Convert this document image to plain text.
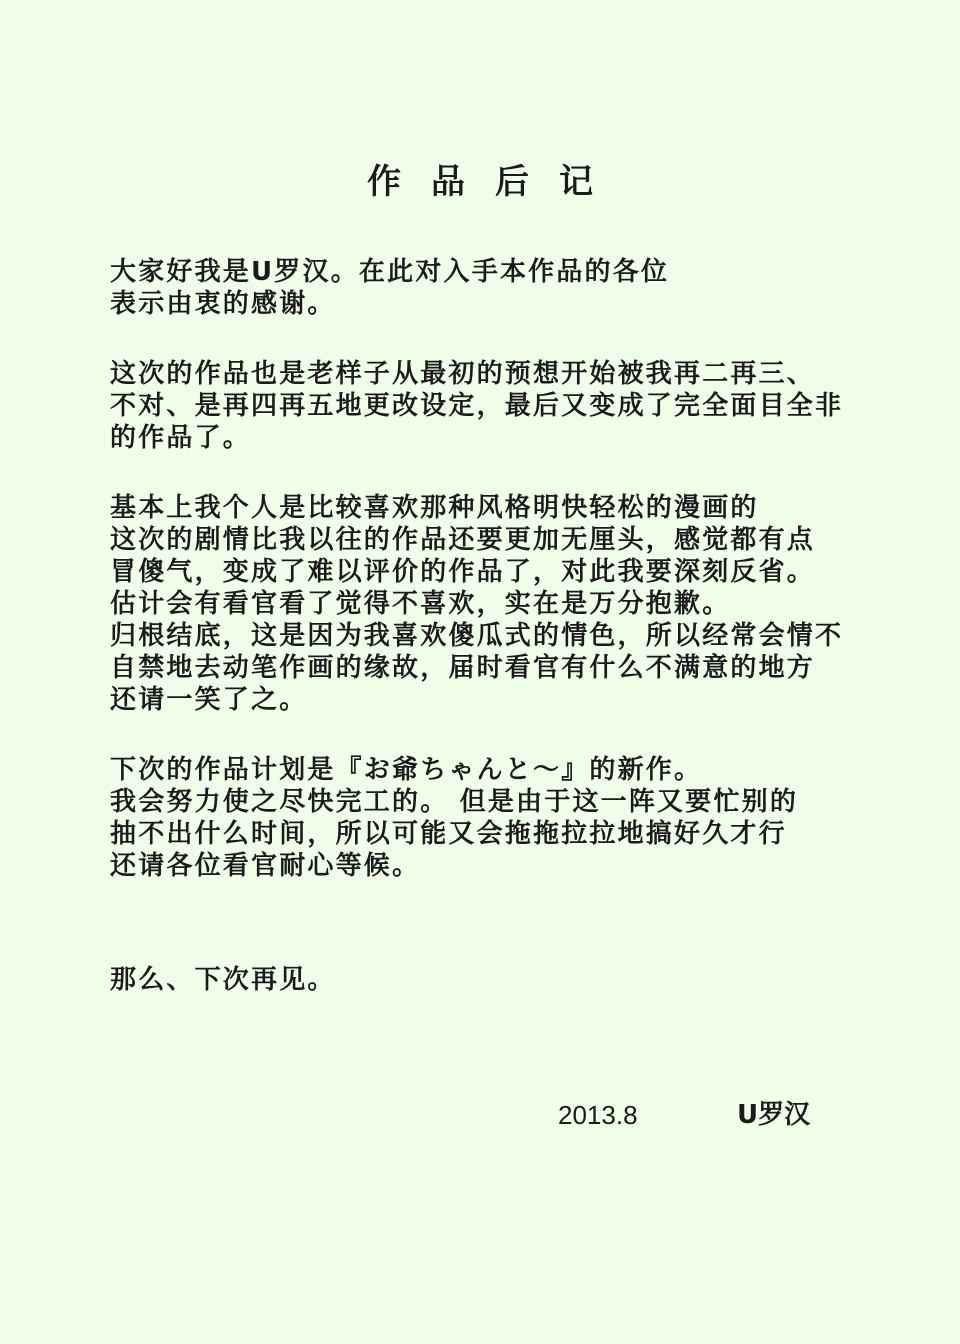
作品后记
大家好我是U罗汉。在此对入手本作品的各位
表示由衷的感谢。
这次的作品也是老样子从最初的预想开始被我再二再三、
不对、是再四再五地更改设定，最后又变成了完全面目全非
的作品了。
基本上我个人是比较喜欢那种风格明快轻松的漫画的
这次的剧情比我以往的作品还要更加无厘头，感觉都有点
冒傻气，变成了难以评价的作品了，对此我要深刻反省。
估计会有看官看了觉得不喜欢，实在是万分抱歉。
归根结底，这是因为我喜欢傻瓜式的情色，所以经常会情不
自禁地去动笔作画的缘故，届时看官有什么不满意的地方
还请一笑了之。
下次的作品计划是『お爺ちゃんと～』的新作。
我会努力使之尽快完工的。 但是由于这一阵又要忙别的
抽不出什么时间，所以可能又会拖拖拉拉地搞好久才行
还请各位看官耐心等候。
那么、下次再见。
2013.8	U罗汉
